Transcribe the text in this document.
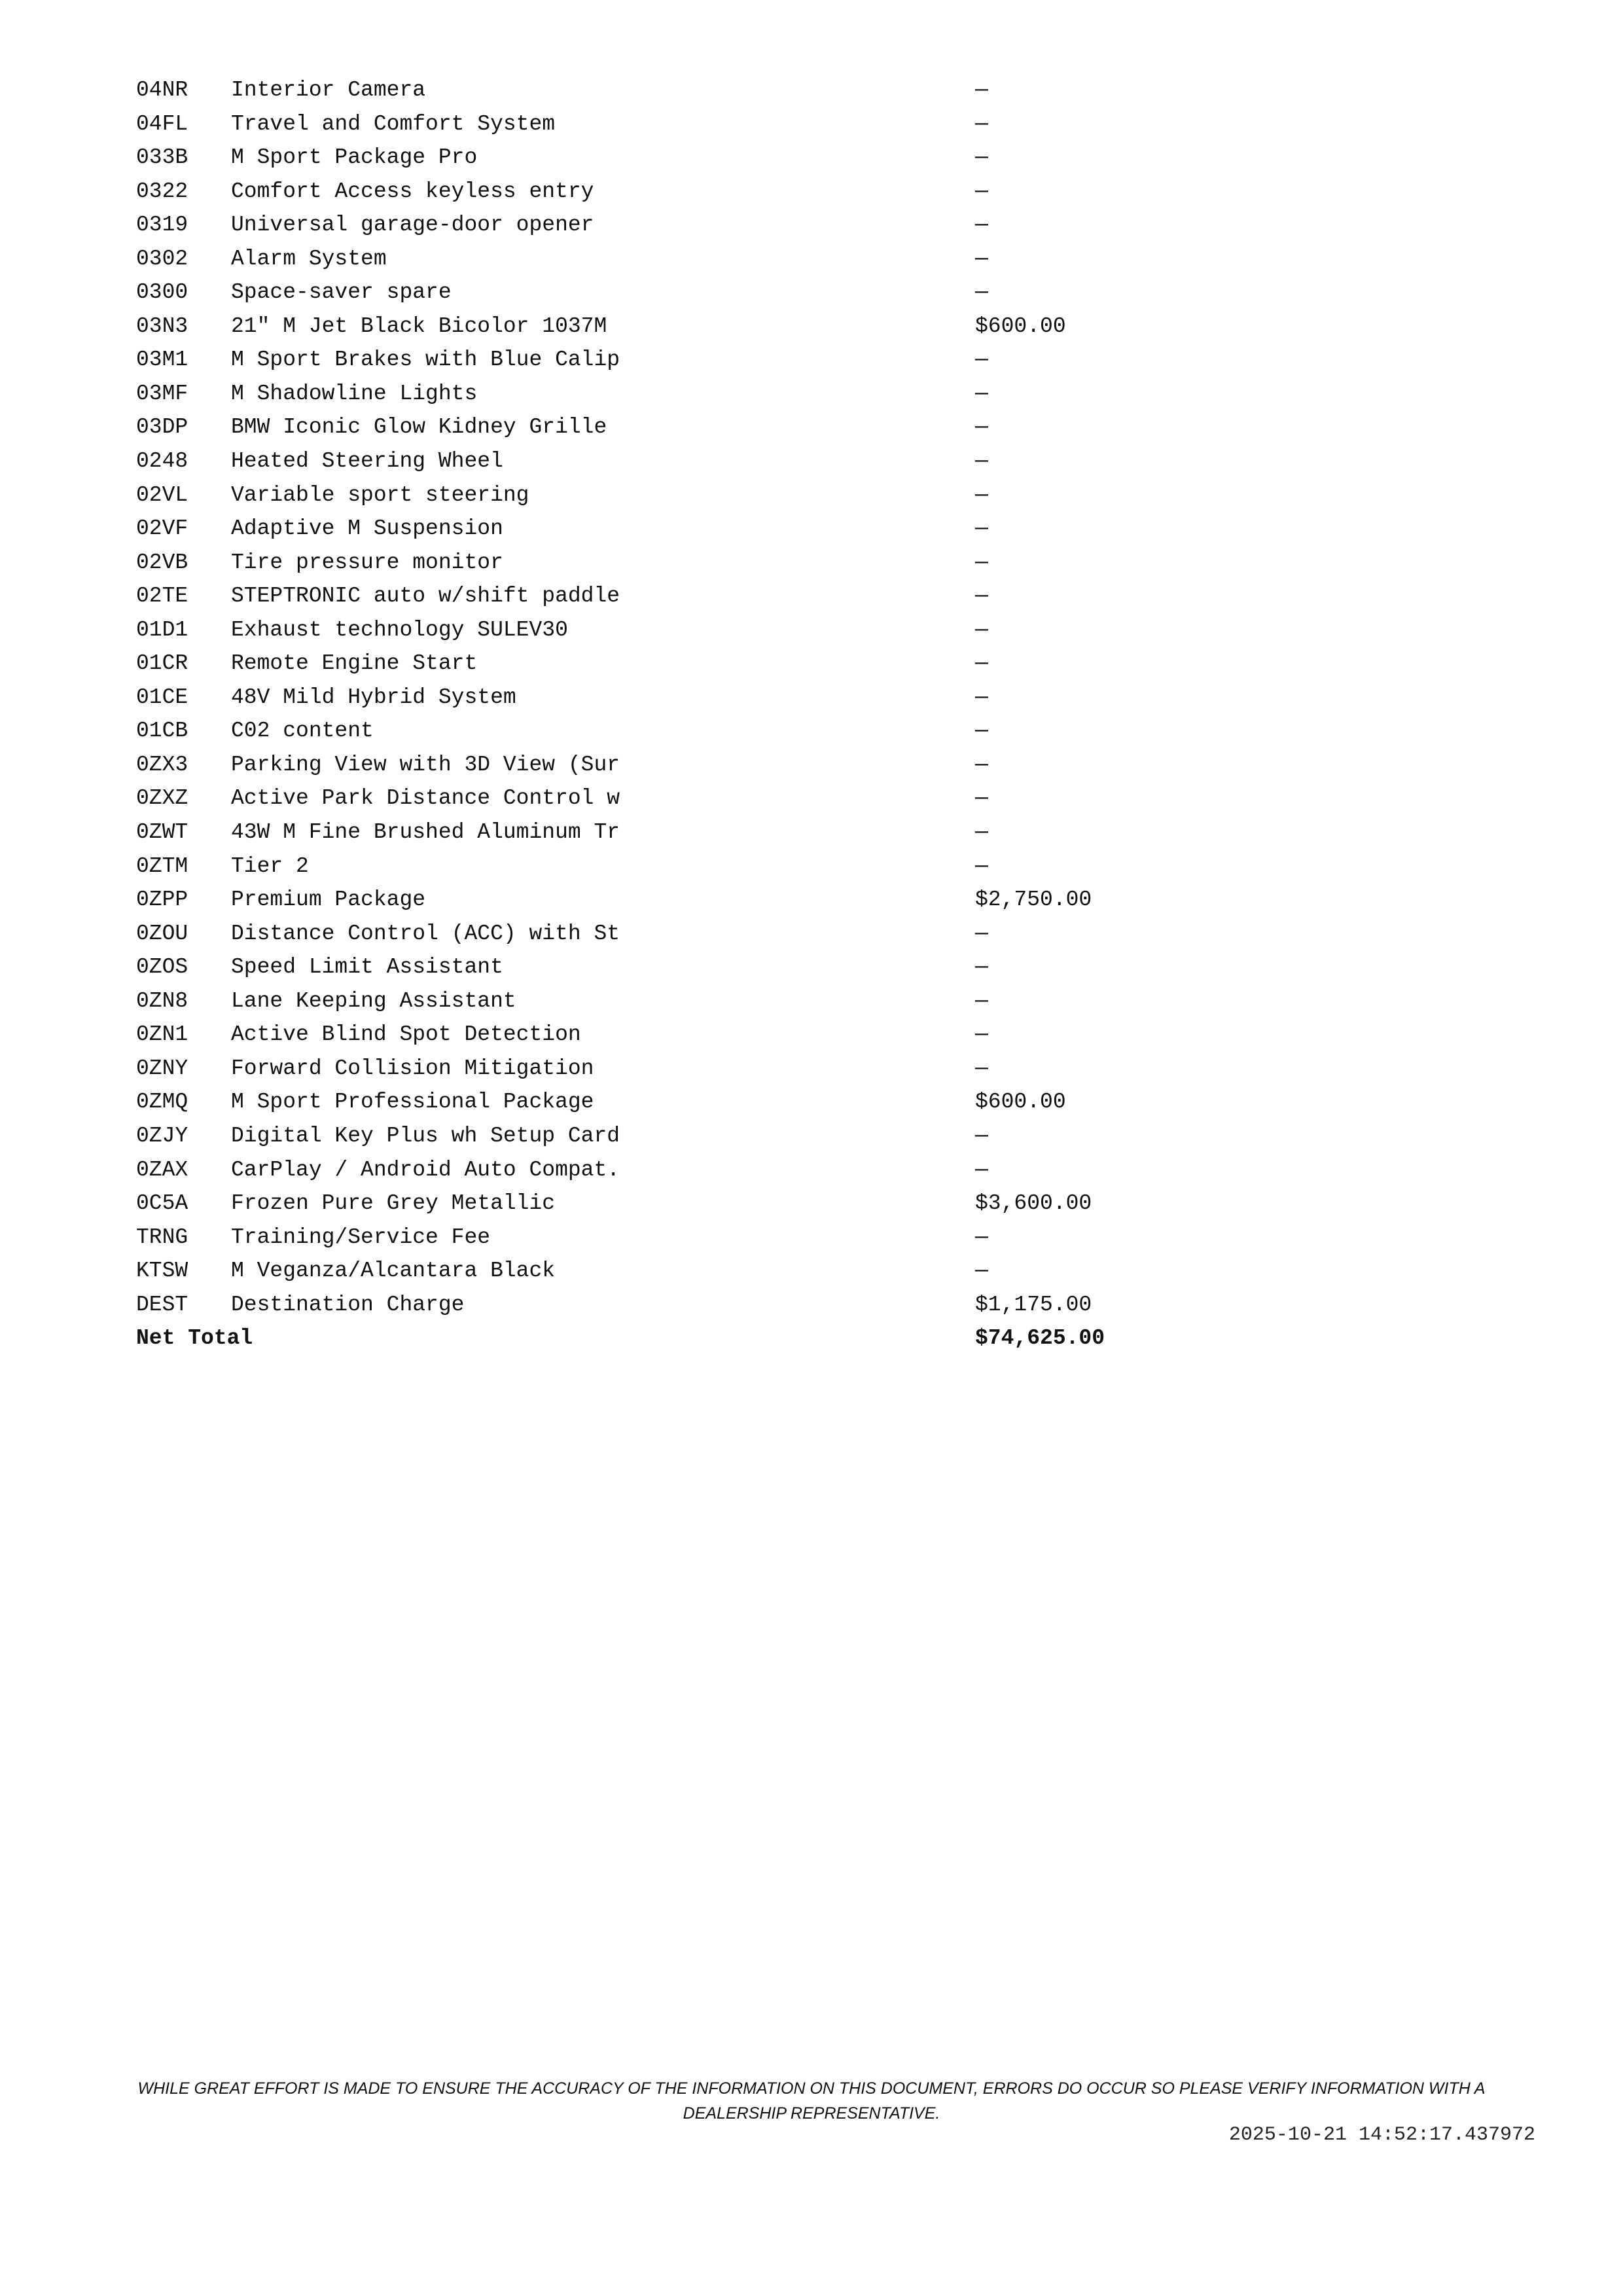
04NR Interior Camera	—
04FL Travel and Comfort System	—
033B M Sport Package Pro	—
0322 Comfort Access keyless entry	—
0319 Universal garage-door opener	—
0302 Alarm System	—
0300 Space-saver spare	—
03N3 21" M Jet Black Bicolor 1037M	$600.00
03M1 M Sport Brakes with Blue Calip	—
03MF M Shadowline Lights	—
03DP BMW Iconic Glow Kidney Grille	—
0248 Heated Steering Wheel	—
02VL Variable sport steering	—
02VF Adaptive M Suspension	—
02VB Tire pressure monitor	—
02TE STEPTRONIC auto w/shift paddle	—
01D1 Exhaust technology SULEV30	—
01CR Remote Engine Start	—
01CE 48V Mild Hybrid System	—
01CB C02 content	—
0ZX3 Parking View with 3D View (Sur	—
0ZXZ Active Park Distance Control w	—
0ZWT 43W M Fine Brushed Aluminum Tr	—
0ZTM Tier 2	—
0ZPP Premium Package	$2,750.00
0ZOU Distance Control (ACC) with St	—
0ZOS Speed Limit Assistant	—
0ZN8 Lane Keeping Assistant	—
0ZN1 Active Blind Spot Detection	—
0ZNY Forward Collision Mitigation	—
0ZMQ M Sport Professional Package	$600.00
0ZJY Digital Key Plus wh Setup Card	—
0ZAX CarPlay / Android Auto Compat.	—
0C5A Frozen Pure Grey Metallic	$3,600.00
TRNG Training/Service Fee	—
KTSW M Veganza/Alcantara Black	—
DEST Destination Charge	$1,175.00
Net Total	$74,625.00
WHILE GREAT EFFORT IS MADE TO ENSURE THE ACCURACY OF THE INFORMATION ON THIS DOCUMENT, ERRORS DO OCCUR SO PLEASE VERIFY INFORMATION WITH A DEALERSHIP REPRESENTATIVE.
2025-10-21 14:52:17.437972
